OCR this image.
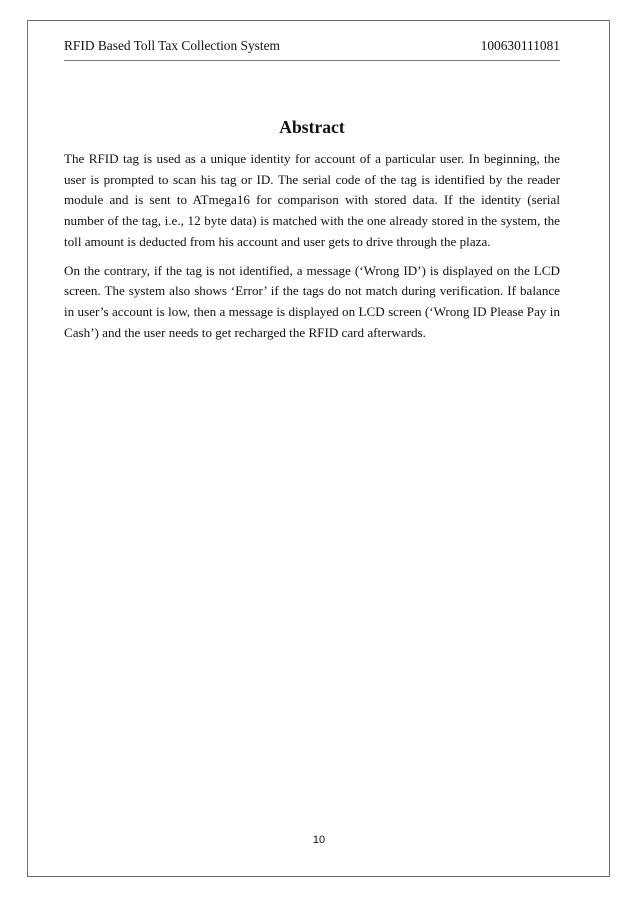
RFID Based Toll Tax Collection System	100630111081
Abstract

The RFID tag is used as a unique identity for account of a particular user. In beginning, the user is prompted to scan his tag or ID. The serial code of the tag is identified by the reader module and is sent to ATmega16 for comparison with stored data. If the identity (serial number of the tag, i.e., 12 byte data) is matched with the one already stored in the system, the toll amount is deducted from his account and user gets to drive through the plaza.

On the contrary, if the tag is not identified, a message (‘Wrong ID’) is displayed on the LCD screen. The system also shows ‘Error’ if the tags do not match during verification. If balance in user’s account is low, then a message is displayed on LCD screen (‘Wrong ID Please Pay in Cash’) and the user needs to get recharged the RFID card afterwards.

10
